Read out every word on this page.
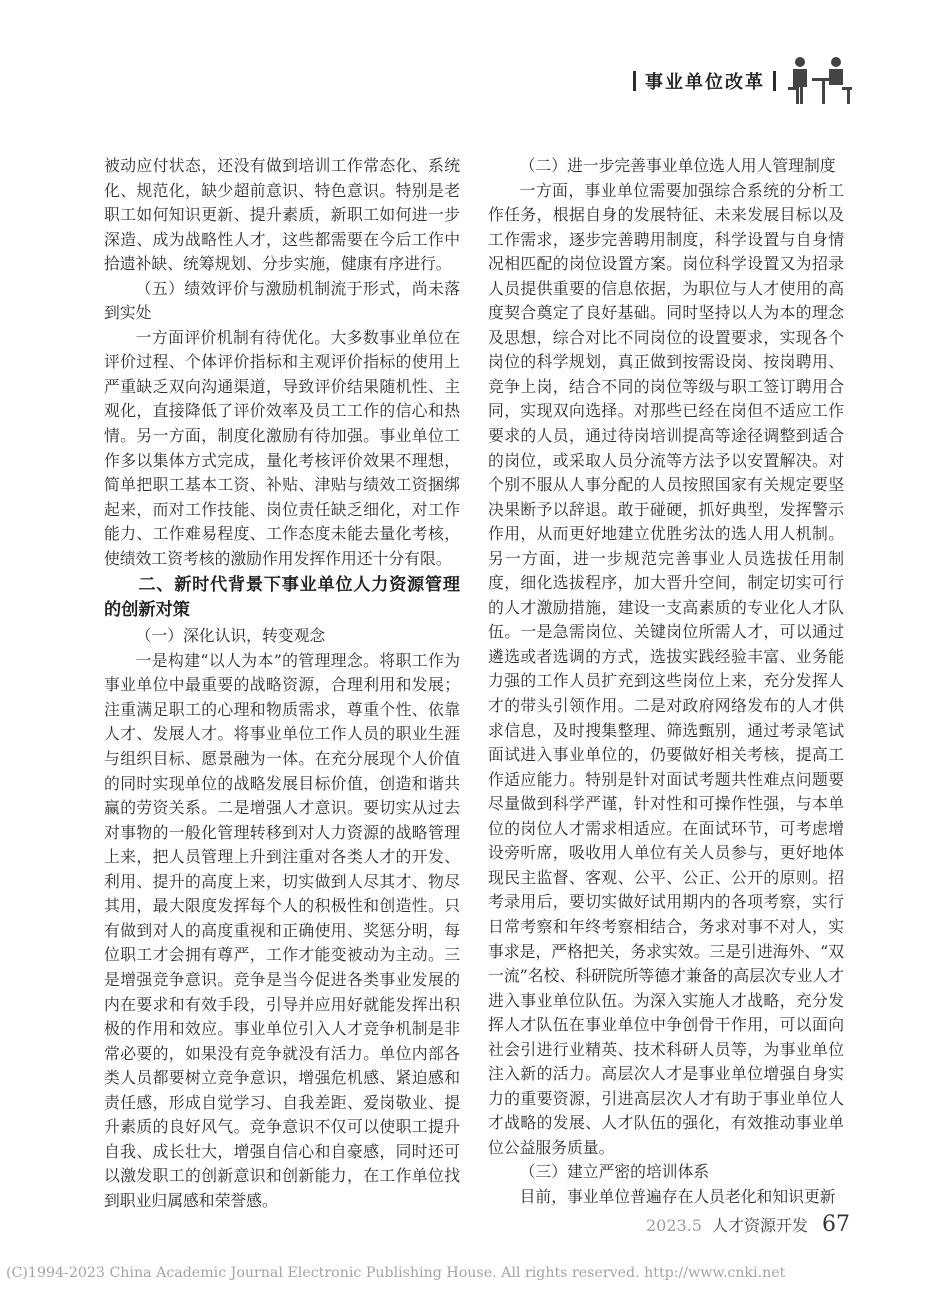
事业单位改革

被动应付状态，还没有做到培训工作常态化、系统化、规范化，缺少超前意识、特色意识。特别是老职工如何知识更新、提升素质，新职工如何进一步深造、成为战略性人才，这些都需要在今后工作中拾遗补缺、统筹规划、分步实施，健康有序进行。

（五）绩效评价与激励机制流于形式，尚未落到实处

一方面评价机制有待优化。大多数事业单位在评价过程、个体评价指标和主观评价指标的使用上严重缺乏双向沟通渠道，导致评价结果随机性、主观化，直接降低了评价效率及员工工作的信心和热情。另一方面，制度化激励有待加强。事业单位工作多以集体方式完成，量化考核评价效果不理想，简单把职工基本工资、补贴、津贴与绩效工资捆绑起来，而对工作技能、岗位责任缺乏细化，对工作能力、工作难易程度、工作态度未能去量化考核，使绩效工资考核的激励作用发挥作用还十分有限。

二、新时代背景下事业单位人力资源管理的创新对策

（一）深化认识，转变观念

一是构建“以人为本”的管理理念。将职工作为事业单位中最重要的战略资源，合理利用和发展；注重满足职工的心理和物质需求，尊重个性、依靠人才、发展人才。将事业单位工作人员的职业生涯与组织目标、愿景融为一体。在充分展现个人价值的同时实现单位的战略发展目标价值，创造和谐共赢的劳资关系。二是增强人才意识。要切实从过去对事物的一般化管理转移到对人力资源的战略管理上来，把人员管理上升到注重对各类人才的开发、利用、提升的高度上来，切实做到人尽其才、物尽其用，最大限度发挥每个人的积极性和创造性。只有做到对人的高度重视和正确使用、奖惩分明，每位职工才会拥有尊严，工作才能变被动为主动。三是增强竞争意识。竞争是当今促进各类事业发展的内在要求和有效手段，引导并应用好就能发挥出积极的作用和效应。事业单位引入人才竞争机制是非常必要的，如果没有竞争就没有活力。单位内部各类人员都要树立竞争意识，增强危机感、紧迫感和责任感，形成自觉学习、自我差距、爱岗敬业、提升素质的良好风气。竞争意识不仅可以使职工提升自我、成长壮大，增强自信心和自豪感，同时还可以激发职工的创新意识和创新能力，在工作单位找到职业归属感和荣誉感。

（二）进一步完善事业单位选人用人管理制度

一方面，事业单位需要加强综合系统的分析工作任务，根据自身的发展特征、未来发展目标以及工作需求，逐步完善聘用制度，科学设置与自身情况相匹配的岗位设置方案。岗位科学设置又为招录人员提供重要的信息依据，为职位与人才使用的高度契合奠定了良好基础。同时坚持以人为本的理念及思想，综合对比不同岗位的设置要求，实现各个岗位的科学规划，真正做到按需设岗、按岗聘用、竞争上岗，结合不同的岗位等级与职工签订聘用合同，实现双向选择。对那些已经在岗但不适应工作要求的人员，通过待岗培训提高等途径调整到适合的岗位，或采取人员分流等方法予以安置解决。对个别不服从人事分配的人员按照国家有关规定要坚决果断予以辞退。敢于碰硬，抓好典型，发挥警示作用，从而更好地建立优胜劣汰的选人用人机制。另一方面，进一步规范完善事业人员选拔任用制度，细化选拔程序，加大晋升空间，制定切实可行的人才激励措施，建设一支高素质的专业化人才队伍。一是急需岗位、关键岗位所需人才，可以通过遴选或者选调的方式，选拔实践经验丰富、业务能力强的工作人员扩充到这些岗位上来，充分发挥人才的带头引领作用。二是对政府网络发布的人才供求信息，及时搜集整理、筛选甄别，通过考录笔试面试进入事业单位的，仍要做好相关考核，提高工作适应能力。特别是针对面试考题共性难点问题要尽量做到科学严谨，针对性和可操作性强，与本单位的岗位人才需求相适应。在面试环节，可考虑增设旁听席，吸收用人单位有关人员参与，更好地体现民主监督、客观、公平、公正、公开的原则。招考录用后，要切实做好试用期内的各项考察，实行日常考察和年终考察相结合，务求对事不对人，实事求是，严格把关，务求实效。三是引进海外、“双一流”名校、科研院所等德才兼备的高层次专业人才进入事业单位队伍。为深入实施人才战略，充分发挥人才队伍在事业单位中争创骨干作用，可以面向社会引进行业精英、技术科研人员等，为事业单位注入新的活力。高层次人才是事业单位增强自身实力的重要资源，引进高层次人才有助于事业单位人才战略的发展、人才队伍的强化，有效推动事业单位公益服务质量。

（三）建立严密的培训体系

目前，事业单位普遍存在人员老化和知识更新

2023.5 人才资源开发 67
(C)1994-2023 China Academic Journal Electronic Publishing House. All rights reserved. http://www.cnki.net
